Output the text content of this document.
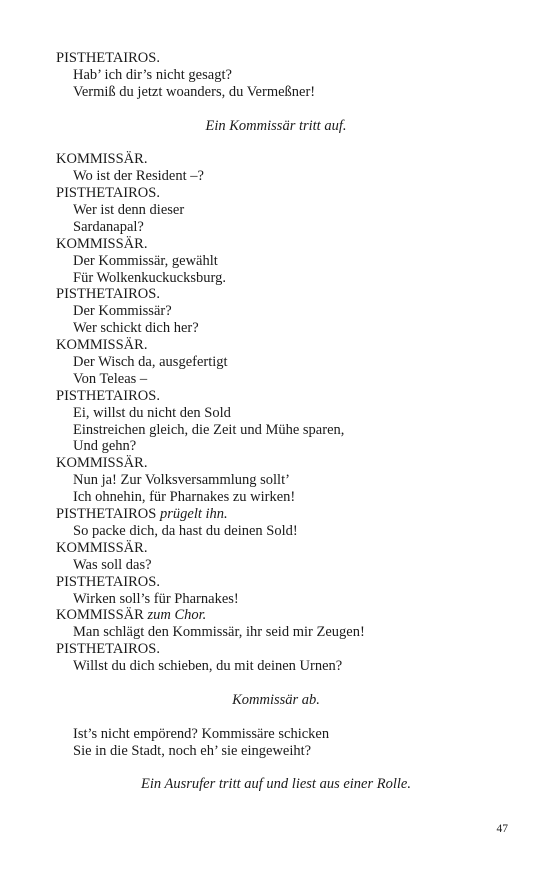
PISTHETAIROS.
Hab’ ich dir’s nicht gesagt?
Vermiß du jetzt woanders, du Vermeßner!
Ein Kommissär tritt auf.
KOMMISSÄR.
Wo ist der Resident –?
PISTHETAIROS.
Wer ist denn dieser
Sardanapal?
KOMMISSÄR.
Der Kommissär, gewählt
Für Wolkenkuckucksburg.
PISTHETAIROS.
Der Kommissär?
Wer schickt dich her?
KOMMISSÄR.
Der Wisch da, ausgefertigt
Von Teleas –
PISTHETAIROS.
Ei, willst du nicht den Sold
Einstreichen gleich, die Zeit und Mühe sparen,
Und gehn?
KOMMISSÄR.
Nun ja! Zur Volksversammlung sollt’
Ich ohnehin, für Pharnakes zu wirken!
PISTHETAIROS prügelt ihn.
So packe dich, da hast du deinen Sold!
KOMMISSÄR.
Was soll das?
PISTHETAIROS.
Wirken soll’s für Pharnakes!
KOMMISSÄR zum Chor.
Man schlägt den Kommissär, ihr seid mir Zeugen!
PISTHETAIROS.
Willst du dich schieben, du mit deinen Urnen?
Kommissär ab.
Ist’s nicht empörend? Kommissäre schicken
Sie in die Stadt, noch eh’ sie eingeweiht?
Ein Ausrufer tritt auf und liest aus einer Rolle.
47
